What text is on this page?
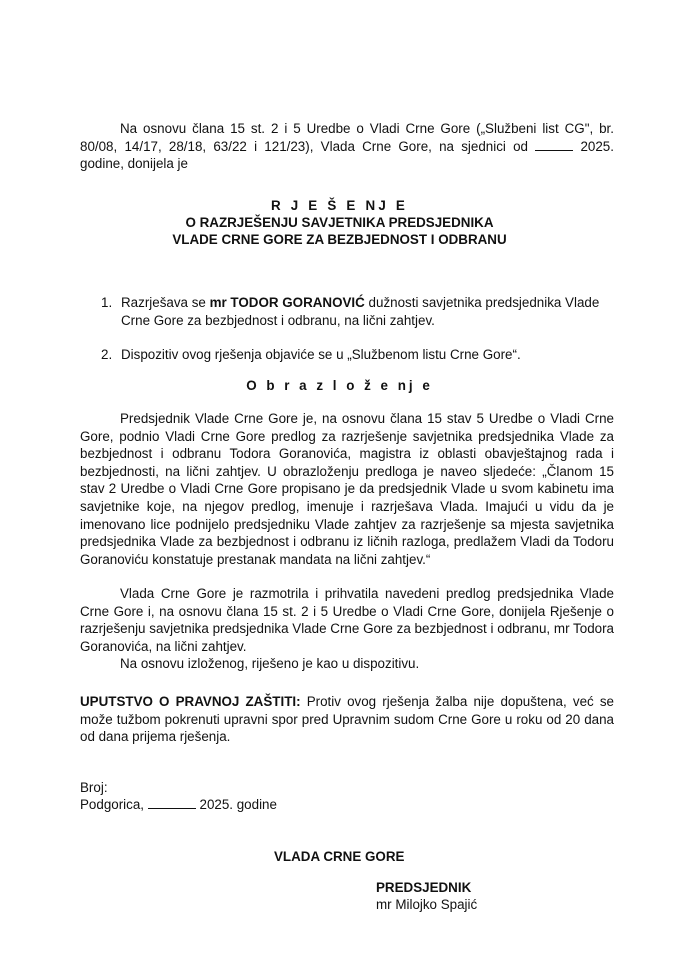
Na osnovu člana 15 st. 2 i 5 Uredbe o Vladi Crne Gore („Službeni list CG", br. 80/08, 14/17, 28/18, 63/22 i 121/23), Vlada Crne Gore, na sjednici od	2025. godine, donijela je
R J E Š E NJ E
O RAZRJEŠENJU SAVJETNIKA PREDSJEDNIKA
VLADE CRNE GORE ZA BEZBJEDNOST I ODBRANU
1. Razrješava se mr TODOR GORANOVIĆ dužnosti savjetnika predsjednika Vlade Crne Gore za bezbjednost i odbranu, na lični zahtjev.
2. Dispozitiv ovog rješenja objaviće se u „Službenom listu Crne Gore“.
O b r a z l o ž e nj e
Predsjednik Vlade Crne Gore je, na osnovu člana 15 stav 5 Uredbe o Vladi Crne Gore, podnio Vladi Crne Gore predlog za razrješenje savjetnika predsjednika Vlade za bezbjednost i odbranu Todora Goranovića, magistra iz oblasti obavještajnog rada i bezbjednosti, na lični zahtjev. U obrazloženju predloga je naveo sljedeće: „Članom 15 stav 2 Uredbe o Vladi Crne Gore propisano je da predsjednik Vlade u svom kabinetu ima savjetnike koje, na njegov predlog, imenuje i razrješava Vlada. Imajući u vidu da je imenovano lice podnijelo predsjedniku Vlade zahtjev za razrješenje sa mjesta savjetnika predsjednika Vlade za bezbjednost i odbranu iz ličnih razloga, predlažem Vladi da Todoru Goranoviću konstatuje prestanak mandata na lični zahtjev.“
Vlada Crne Gore je razmotrila i prihvatila navedeni predlog predsjednika Vlade Crne Gore i, na osnovu člana 15 st. 2 i 5 Uredbe o Vladi Crne Gore, donijela Rješenje o razrješenju savjetnika predsjednika Vlade Crne Gore za bezbjednost i odbranu, mr Todora Goranovića, na lični zahtjev.
Na osnovu izloženog, riješeno je kao u dispozitivu.
UPUTSTVO O PRAVNOJ ZAŠTITI: Protiv ovog rješenja žalba nije dopuštena, već se može tužbom pokrenuti upravni spor pred Upravnim sudom Crne Gore u roku od 20 dana od dana prijema rješenja.
Broj:
Podgorica,	2025. godine
VLADA CRNE GORE
PREDSJEDNIK
mr Milojko Spajić
